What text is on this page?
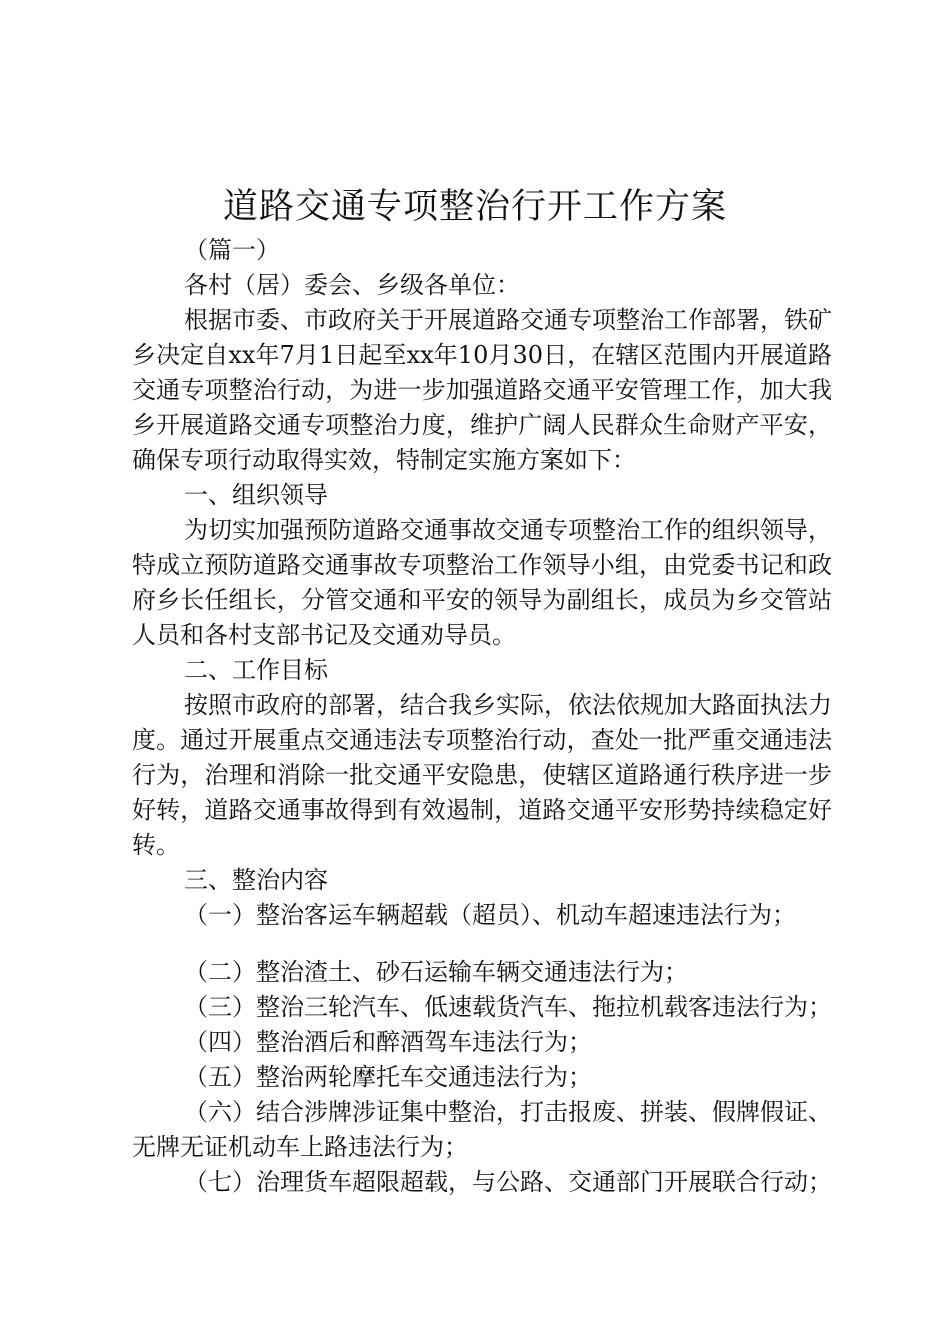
道路交通专项整治行开工作方案

（篇一）

各村（居）委会、乡级各单位：

根据市委、市政府关于开展道路交通专项整治工作部署，铁矿乡决定自xx年7月1日起至xx年10月30日，在辖区范围内开展道路交通专项整治行动，为进一步加强道路交通平安管理工作，加大我乡开展道路交通专项整治力度，维护广阔人民群众生命财产平安，确保专项行动取得实效，特制定实施方案如下：

一、组织领导

为切实加强预防道路交通事故交通专项整治工作的组织领导，特成立预防道路交通事故专项整治工作领导小组，由党委书记和政府乡长任组长，分管交通和平安的领导为副组长，成员为乡交管站人员和各村支部书记及交通劝导员。

二、工作目标

按照市政府的部署，结合我乡实际，依法依规加大路面执法力度。通过开展重点交通违法专项整治行动，查处一批严重交通违法行为，治理和消除一批交通平安隐患，使辖区道路通行秩序进一步好转，道路交通事故得到有效遏制，道路交通平安形势持续稳定好转。

三、整治内容

（一）整治客运车辆超载（超员）、机动车超速违法行为；

（二）整治渣土、砂石运输车辆交通违法行为；

（三）整治三轮汽车、低速载货汽车、拖拉机载客违法行为；

（四）整治酒后和醉酒驾车违法行为；

（五）整治两轮摩托车交通违法行为；

（六）结合涉牌涉证集中整治，打击报废、拼装、假牌假证、无牌无证机动车上路违法行为；

（七）治理货车超限超载，与公路、交通部门开展联合行动；
